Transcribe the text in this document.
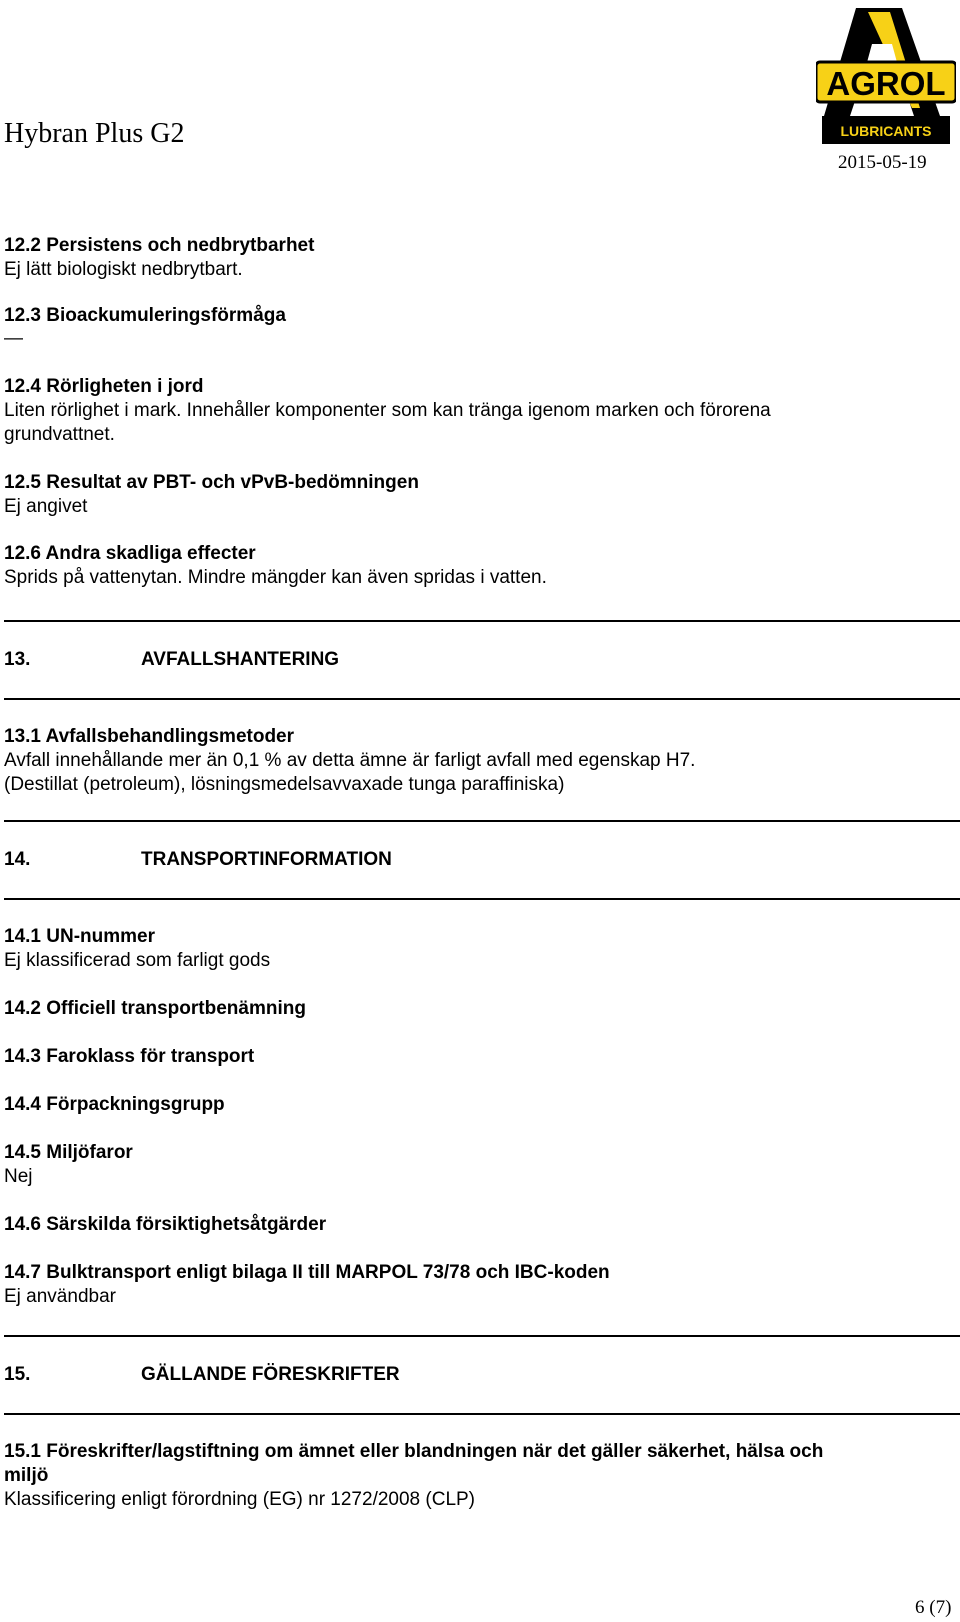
Hybran Plus G2
2015-05-19
AGROL
LUBRICANTS
12.2 Persistens och nedbrytbarhet
Ej lätt biologiskt nedbrytbart.
12.3 Bioackumuleringsförmåga
—
12.4 Rörligheten i jord
Liten rörlighet i mark. Innehåller komponenter som kan tränga igenom marken och förorena
grundvattnet.
12.5 Resultat av PBT- och vPvB-bedömningen
Ej angivet
12.6 Andra skadliga effecter
Sprids på vattenytan. Mindre mängder kan även spridas i vatten.
13.	AVFALLSHANTERING
13.1 Avfallsbehandlingsmetoder
Avfall innehållande mer än 0,1 % av detta ämne är farligt avfall med egenskap H7.
(Destillat (petroleum), lösningsmedelsavvaxade tunga paraffiniska)
14.	TRANSPORTINFORMATION
14.1 UN-nummer
Ej klassificerad som farligt gods
14.2 Officiell transportbenämning
14.3 Faroklass för transport
14.4 Förpackningsgrupp
14.5 Miljöfaror
Nej
14.6 Särskilda försiktighetsåtgärder
14.7 Bulktransport enligt bilaga II till MARPOL 73/78 och IBC-koden
Ej användbar
15.	GÄLLANDE FÖRESKRIFTER
15.1 Föreskrifter/lagstiftning om ämnet eller blandningen när det gäller säkerhet, hälsa och
miljö
Klassificering enligt förordning (EG) nr 1272/2008 (CLP)
6 (7)
